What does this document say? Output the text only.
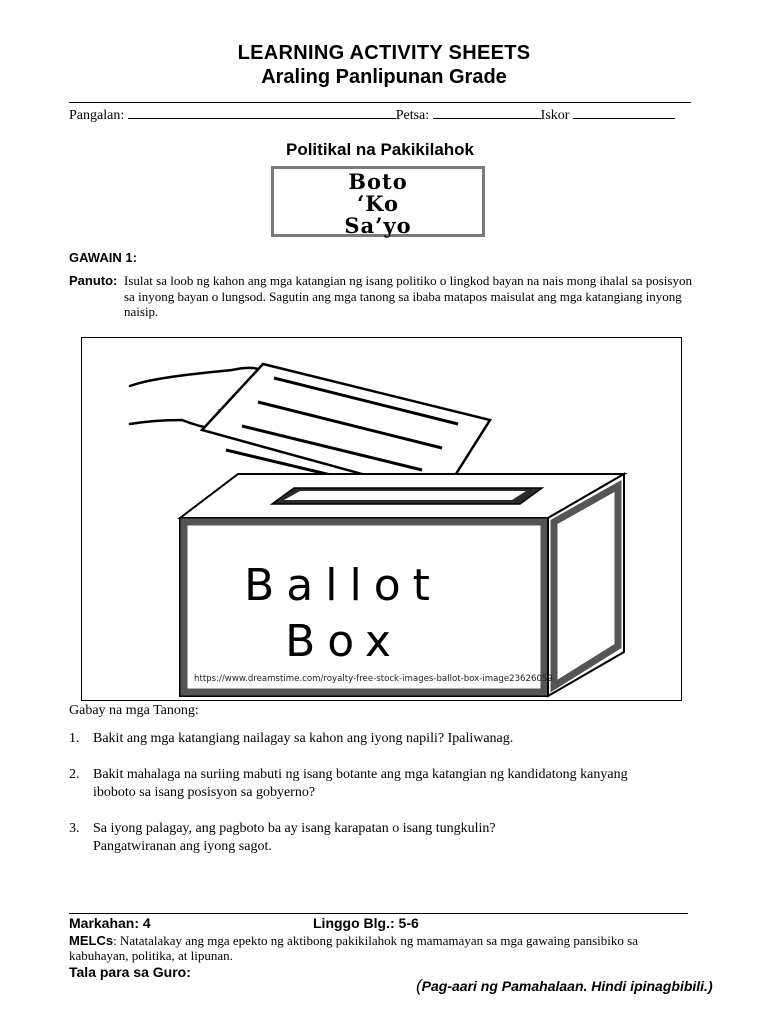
LEARNING ACTIVITY SHEETS
Araling Panlipunan Grade
Pangalan:	Petsa:	Iskor
Politikal na Pakikilahok
Boto
‘Ko
Sa’yo
GAWAIN 1:
Panuto: Isulat sa loob ng kahon ang mga katangian ng isang politiko o lingkod bayan na nais mong ihalal sa posisyon sa inyong bayan o lungsod. Sagutin ang mga tanong sa ibaba matapos maisulat ang mga katangiang inyong naisip.
Ballot
Box
https://www.dreamstime.com/royalty-free-stock-images-ballot-box-image23626059
Gabay na mga Tanong:
1. Bakit ang mga katangiang nailagay sa kahon ang iyong napili? Ipaliwanag.
2. Bakit mahalaga na suriing mabuti ng isang botante ang mga katangian ng kandidatong kanyang
iboboto sa isang posisyon sa gobyerno?
3. Sa iyong palagay, ang pagboto ba ay isang karapatan o isang tungkulin?
Pangatwiranan ang iyong sagot.
Markahan: 4	Linggo Blg.: 5-6
MELCs: Natatalakay ang mga epekto ng aktibong pakikilahok ng mamamayan sa mga gawaing pansibiko sa kabuhayan, politika, at lipunan.
Tala para sa Guro:
(Pag-aari ng Pamahalaan. Hindi ipinagbibili.)
